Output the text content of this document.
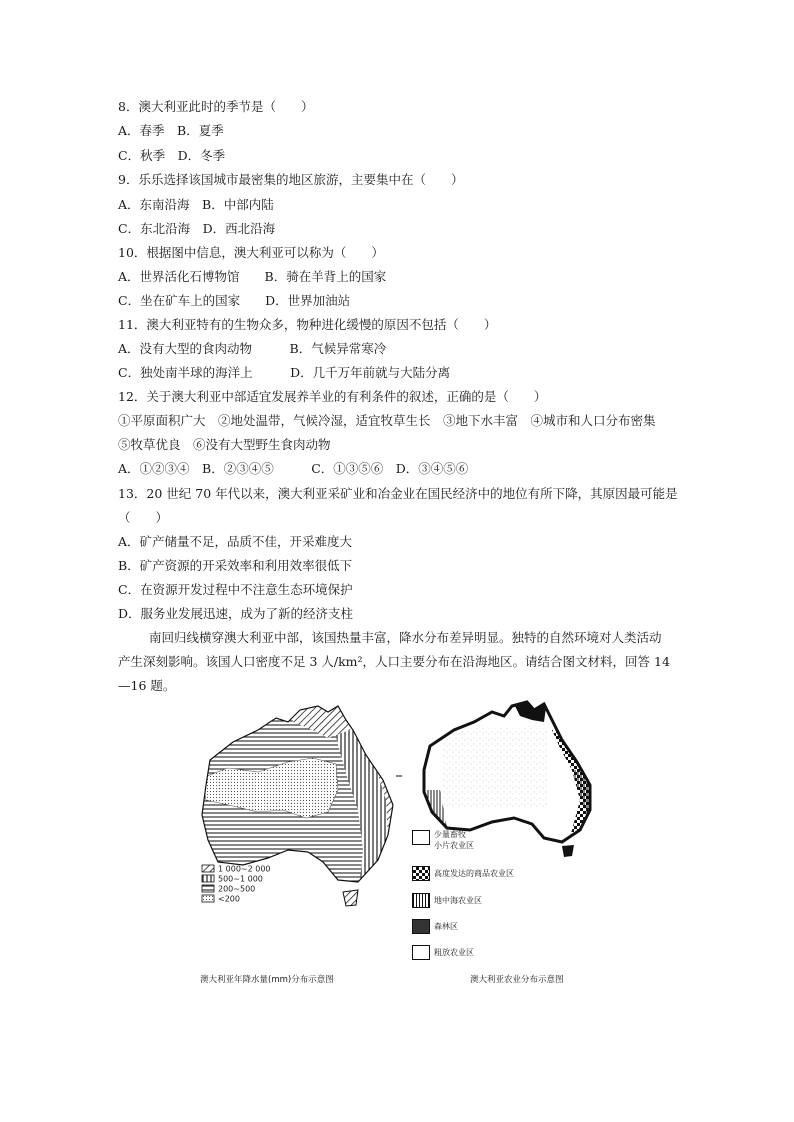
8．澳大利亚此时的季节是（　　）
A．春季　B．夏季
C．秋季　D．冬季
9．乐乐选择该国城市最密集的地区旅游，主要集中在（　　）
A．东南沿海　B．中部内陆
C．东北沿海　D．西北沿海
10．根据图中信息，澳大利亚可以称为（　　）
A．世界活化石博物馆　　B．骑在羊背上的国家
C．坐在矿车上的国家　　D．世界加油站
11．澳大利亚特有的生物众多，物种进化缓慢的原因不包括（　　）
A．没有大型的食肉动物　　　B．气候异常寒冷
C．独处南半球的海洋上　　　D．几千万年前就与大陆分离
12．关于澳大利亚中部适宜发展养羊业的有利条件的叙述，正确的是（　　）
①平原面积广大　②地处温带，气候冷湿，适宜牧草生长　③地下水丰富　④城市和人口分布密集
⑤牧草优良　⑥没有大型野生食肉动物
A．①②③④　B．②③④⑤　　　C．①③⑤⑥　D．③④⑤⑥
13．20 世纪 70 年代以来，澳大利亚采矿业和冶金业在国民经济中的地位有所下降，其原因最可能是
（　　）
A．矿产储量不足，品质不佳，开采难度大
B．矿产资源的开采效率和利用效率很低下
C．在资源开发过程中不注意生态环境保护
D．服务业发展迅速，成为了新的经济支柱
南回归线横穿澳大利亚中部，该国热量丰富，降水分布差异明显。独特的自然环境对人类活动
产生深刻影响。该国人口密度不足 3 人/km²，人口主要分布在沿海地区。请结合图文材料，回答 14
—16 题。
1 000~2 000
500~1 000
200~500
<200
澳大利亚年降水量(mm)分布示意图
少量畜牧
小片农业区
高度发达的商品农业区
地中海农业区
森林区
粗放农业区
澳大利亚农业分布示意图
